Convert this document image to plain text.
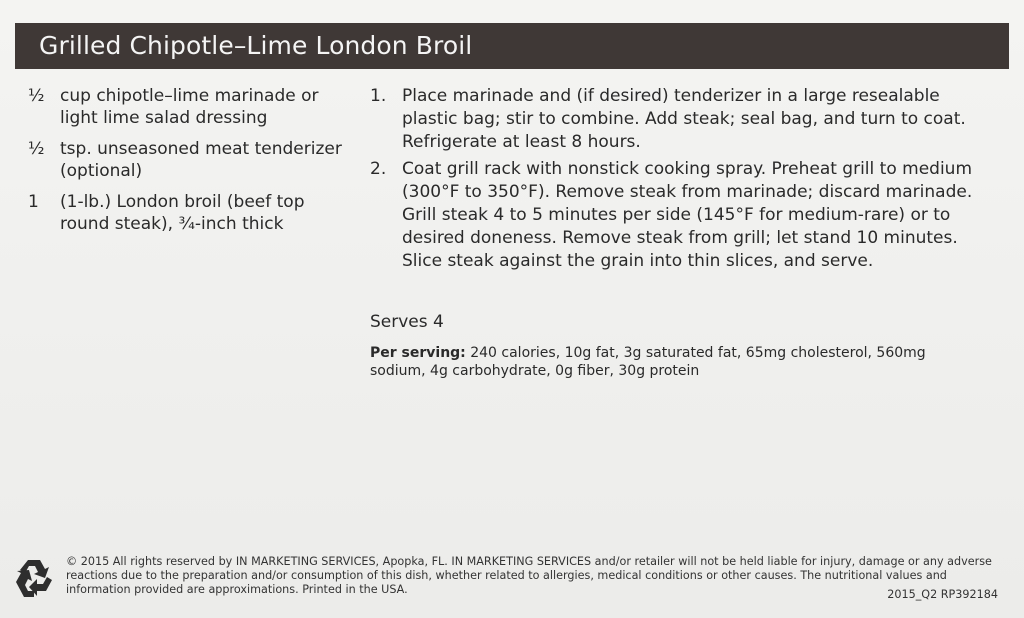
Grilled Chipotle–Lime London Broil
½ cup chipotle–lime marinade or light lime salad dressing
½ tsp. unseasoned meat tenderizer (optional)
1	(1-lb.) London broil (beef top round steak), ¾-inch thick
1. Place marinade and (if desired) tenderizer in a large resealable plastic bag; stir to combine. Add steak; seal bag, and turn to coat. Refrigerate at least 8 hours.
2. Coat grill rack with nonstick cooking spray. Preheat grill to medium (300°F to 350°F). Remove steak from marinade; discard marinade. Grill steak 4 to 5 minutes per side (145°F for medium-rare) or to desired doneness. Remove steak from grill; let stand 10 minutes. Slice steak against the grain into thin slices, and serve.
Serves 4
Per serving: 240 calories, 10g fat, 3g saturated fat, 65mg cholesterol, 560mg sodium, 4g carbohydrate, 0g fiber, 30g protein
© 2015 All rights reserved by IN MARKETING SERVICES, Apopka, FL. IN MARKETING SERVICES and/or retailer will not be held liable for injury, damage or any adverse reactions due to the preparation and/or consumption of this dish, whether related to allergies, medical conditions or other causes. The nutritional values and information provided are approximations. Printed in the USA.	2015_Q2 RP392184
